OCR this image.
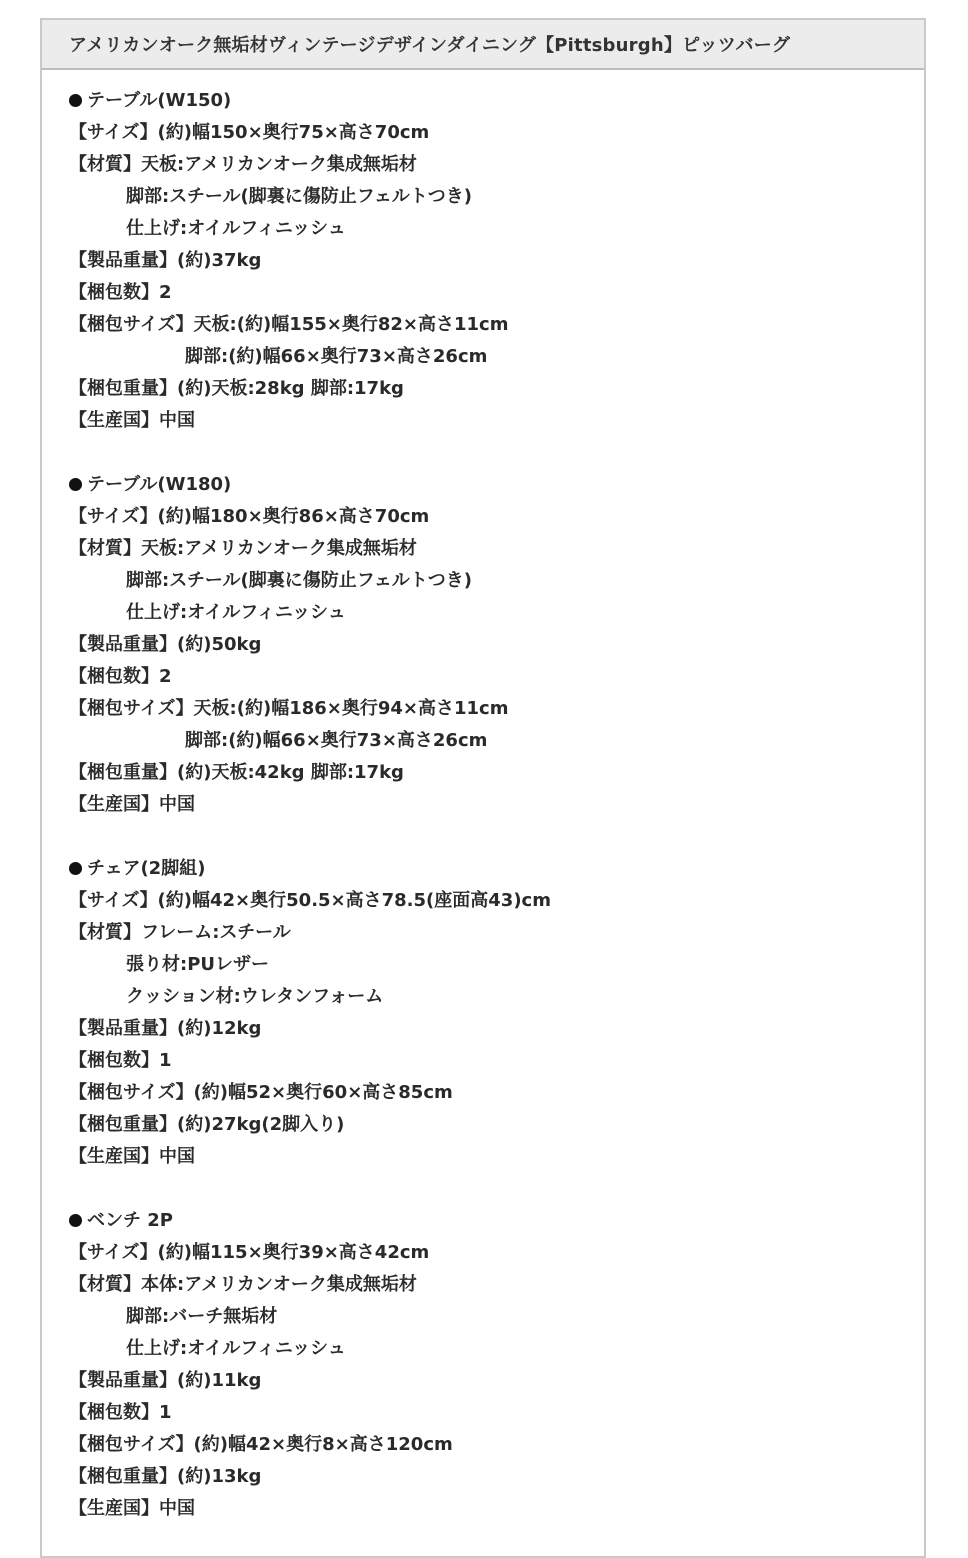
アメリカンオーク無垢材ヴィンテージデザインダイニング【Pittsburgh】ピッツバーグ
テーブル(W150)
【サイズ】(約)幅150×奥行75×高さ70cm
【材質】天板:アメリカンオーク集成無垢材
脚部:スチール(脚裏に傷防止フェルトつき)
仕上げ:オイルフィニッシュ
【製品重量】(約)37kg
【梱包数】2
【梱包サイズ】天板:(約)幅155×奥行82×高さ11cm
脚部:(約)幅66×奥行73×高さ26cm
【梱包重量】(約)天板:28kg 脚部:17kg
【生産国】中国
テーブル(W180)
【サイズ】(約)幅180×奥行86×高さ70cm
【材質】天板:アメリカンオーク集成無垢材
脚部:スチール(脚裏に傷防止フェルトつき)
仕上げ:オイルフィニッシュ
【製品重量】(約)50kg
【梱包数】2
【梱包サイズ】天板:(約)幅186×奥行94×高さ11cm
脚部:(約)幅66×奥行73×高さ26cm
【梱包重量】(約)天板:42kg 脚部:17kg
【生産国】中国
チェア(2脚組)
【サイズ】(約)幅42×奥行50.5×高さ78.5(座面高43)cm
【材質】フレーム:スチール
張り材:PUレザー
クッション材:ウレタンフォーム
【製品重量】(約)12kg
【梱包数】1
【梱包サイズ】(約)幅52×奥行60×高さ85cm
【梱包重量】(約)27kg(2脚入り)
【生産国】中国
ベンチ 2P
【サイズ】(約)幅115×奥行39×高さ42cm
【材質】本体:アメリカンオーク集成無垢材
脚部:バーチ無垢材
仕上げ:オイルフィニッシュ
【製品重量】(約)11kg
【梱包数】1
【梱包サイズ】(約)幅42×奥行8×高さ120cm
【梱包重量】(約)13kg
【生産国】中国
